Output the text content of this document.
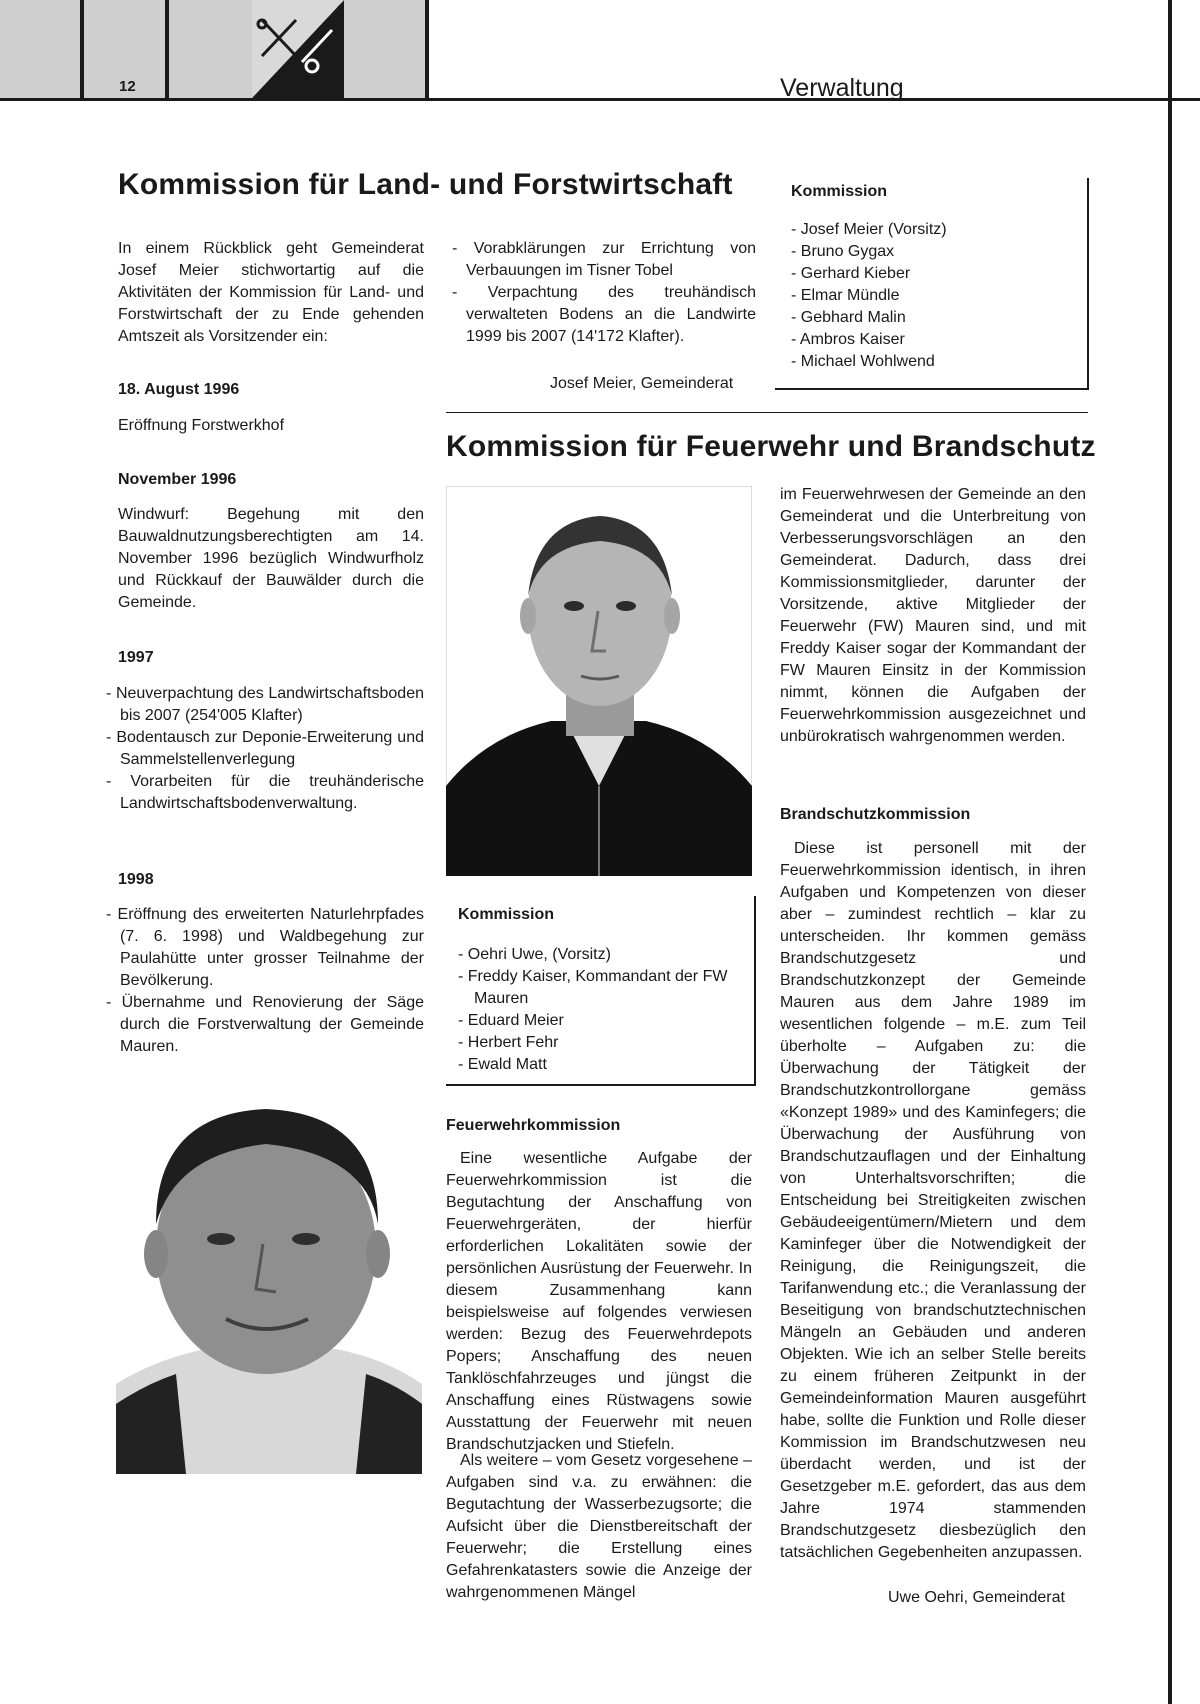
12	Verwaltung
Kommission für Land- und Forstwirtschaft
In einem Rückblick geht Gemeinderat Josef Meier stichwortartig auf die Aktivitäten der Kommission für Land- und Forstwirtschaft der zu Ende gehenden Amtszeit als Vorsitzender ein:
18. August 1996
Eröffnung Forstwerkhof
November 1996
Windwurf: Begehung mit den Bauwaldnutzungsberechtigten am 14. November 1996 bezüglich Windwurfholz und Rückkauf der Bauwälder durch die Gemeinde.
1997

- Neuverpachtung des Landwirtschaftsboden bis 2007 (254'005 Klafter)

- Bodentausch zur Deponie-Erweiterung und Sammelstellenverlegung

- Vorarbeiten für die treuhänderische Landwirtschaftsbodenverwaltung.

1998

- Eröffnung des erweiterten Naturlehrpfades (7. 6. 1998) und Waldbegehung zur Paulahütte unter grosser Teilnahme der Bevölkerung.

- Übernahme und Renovierung der Säge durch die Forstverwaltung der Gemeinde Mauren.

- Vorabklärungen zur Errichtung von Verbauungen im Tisner Tobel

- Verpachtung des treuhändisch verwalteten Bodens an die Landwirte 1999 bis 2007 (14'172 Klafter).

Josef Meier, Gemeinderat
Kommission
- Josef Meier (Vorsitz)
- Bruno Gygax
- Gerhard Kieber
- Elmar Mündle
- Gebhard Malin
- Ambros Kaiser
- Michael Wohlwend
Kommission für Feuerwehr und Brandschutz
Kommission
- Oehri Uwe, (Vorsitz)
- Freddy Kaiser, Kommandant der FW Mauren
- Eduard Meier
- Herbert Fehr
- Ewald Matt
Feuerwehrkommission
Eine wesentliche Aufgabe der Feuerwehrkommission ist die Begutachtung der Anschaffung von Feuerwehrgeräten, der hierfür erforderlichen Lokalitäten sowie der persönlichen Ausrüstung der Feuerwehr. In diesem Zusammenhang kann beispielsweise auf folgendes verwiesen werden: Bezug des Feuerwehrdepots Popers; Anschaffung des neuen Tanklöschfahrzeuges und jüngst die Anschaffung eines Rüstwagens sowie Ausstattung der Feuerwehr mit neuen Brandschutzjacken und Stiefeln.
Als weitere – vom Gesetz vorgesehene – Aufgaben sind v.a. zu erwähnen: die Begutachtung der Wasserbezugsorte; die Aufsicht über die Dienstbereitschaft der Feuerwehr; die Erstellung eines Gefahrenkatasters sowie die Anzeige der wahrgenommenen Mängel
im Feuerwehrwesen der Gemeinde an den Gemeinderat und die Unterbreitung von Verbesserungsvorschlägen an den Gemeinderat. Dadurch, dass drei Kommissionsmitglieder, darunter der Vorsitzende, aktive Mitglieder der Feuerwehr (FW) Mauren sind, und mit Freddy Kaiser sogar der Kommandant der FW Mauren Einsitz in der Kommission nimmt, können die Aufgaben der Feuerwehrkommission ausgezeichnet und unbürokratisch wahrgenommen werden.
Brandschutzkommission
Diese ist personell mit der Feuerwehrkommission identisch, in ihren Aufgaben und Kompetenzen von dieser aber – zumindest rechtlich – klar zu unterscheiden. Ihr kommen gemäss Brandschutzgesetz und Brandschutzkonzept der Gemeinde Mauren aus dem Jahre 1989 im wesentlichen folgende – m.E. zum Teil überholte – Aufgaben zu: die Überwachung der Tätigkeit der Brandschutzkontrollorgane gemäss «Konzept 1989» und des Kaminfegers; die Überwachung der Ausführung von Brandschutzauflagen und der Einhaltung von Unterhaltsvorschriften; die Entscheidung bei Streitigkeiten zwischen Gebäudeeigentümern/Mietern und dem Kaminfeger über die Notwendigkeit der Reinigung, die Reinigungszeit, die Tarifanwendung etc.; die Veranlassung der Beseitigung von brandschutztechnischen Mängeln an Gebäuden und anderen Objekten. Wie ich an selber Stelle bereits zu einem früheren Zeitpunkt in der Gemeindeinformation Mauren ausgeführt habe, sollte die Funktion und Rolle dieser Kommission im Brandschutzwesen neu überdacht werden, und ist der Gesetzgeber m.E. gefordert, das aus dem Jahre 1974 stammenden Brandschutzgesetz diesbezüglich den tatsächlichen Gegebenheiten anzupassen.
Uwe Oehri, Gemeinderat
